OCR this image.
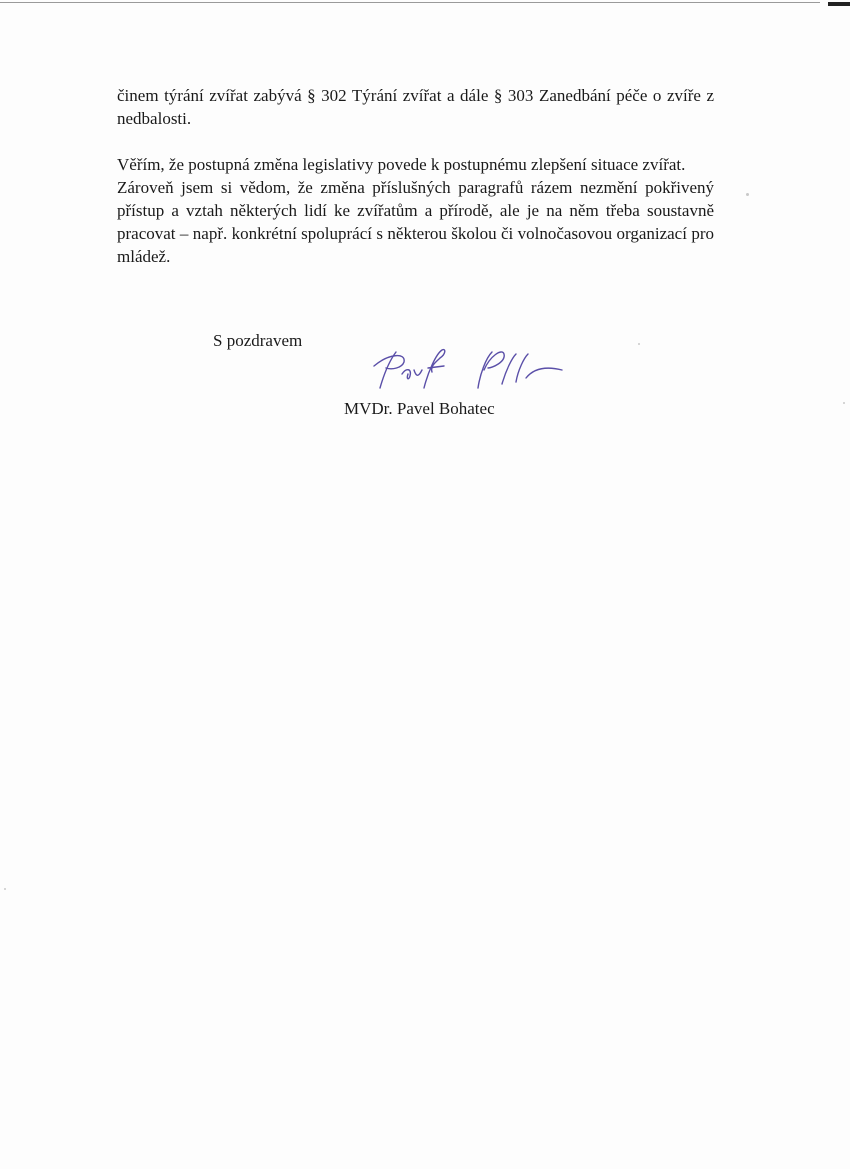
činem týrání zvířat zabývá § 302 Týrání zvířat a dále § 303 Zanedbání péče o zvíře z nedbalosti.

Věřím, že postupná změna legislativy povede k postupnému zlepšení situace zvířat.

Zároveň jsem si vědom, že změna příslušných paragrafů rázem nezmění pokřivený přístup a vztah některých lidí ke zvířatům a přírodě, ale je na něm třeba soustavně pracovat – např. konkrétní spoluprácí s některou školou či volnočasovou organizací pro mládež.

S pozdravem
MVDr. Pavel Bohatec
